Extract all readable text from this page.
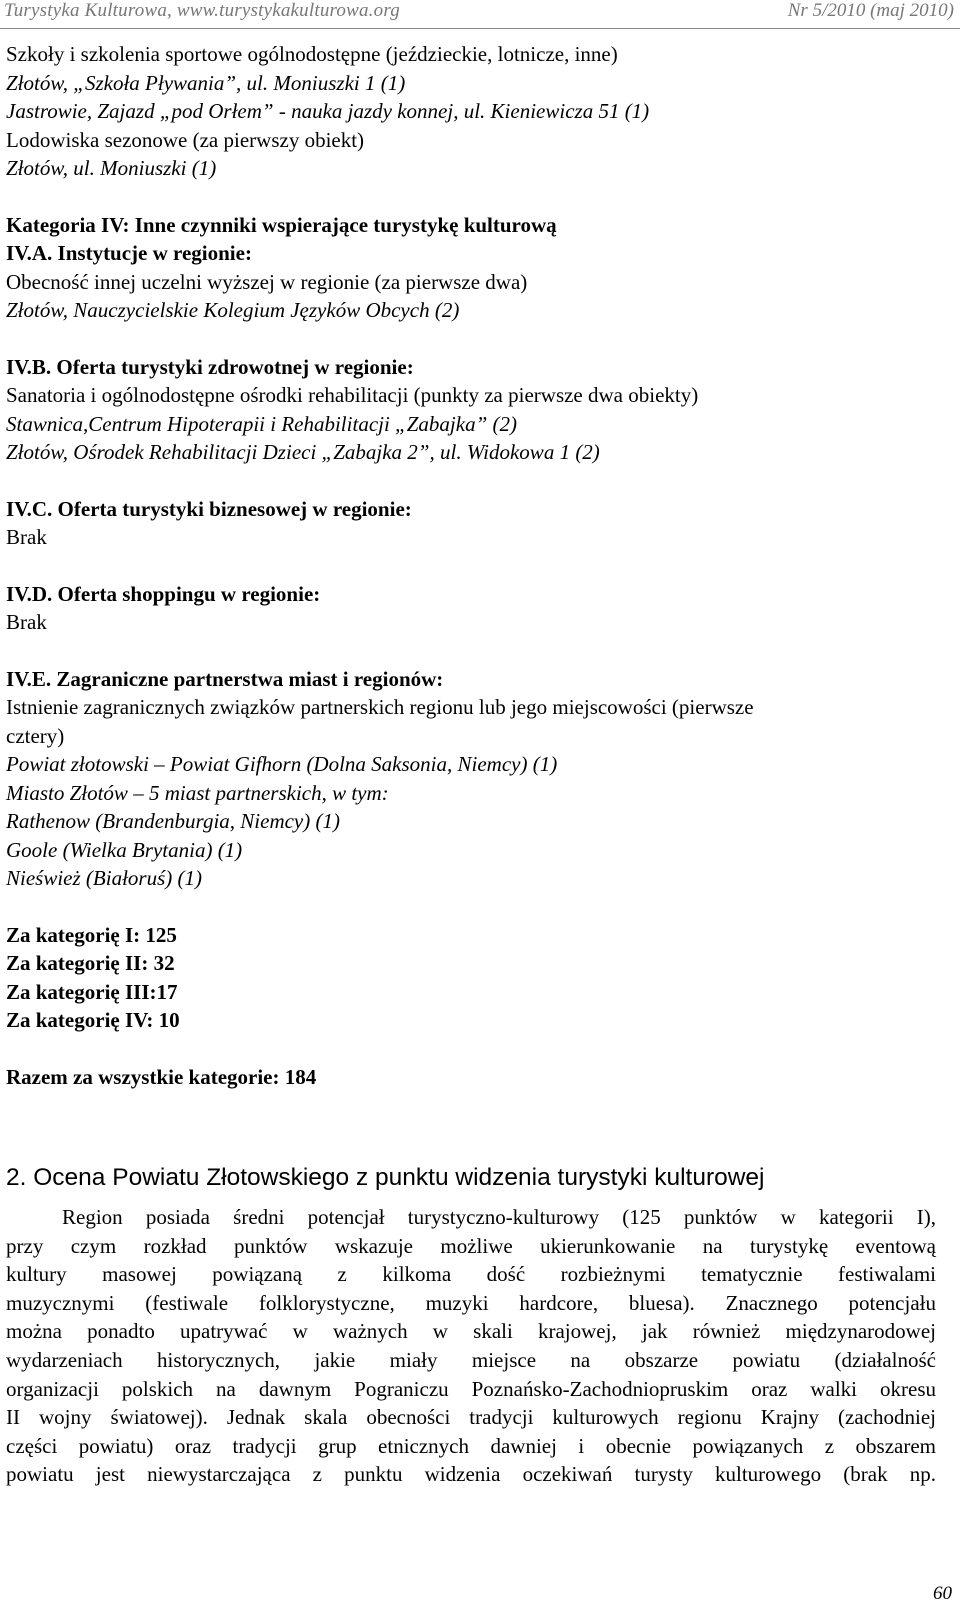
Turystyka Kulturowa, www.turystykakulturowa.org	Nr 5/2010 (maj 2010)
Szkoły i szkolenia sportowe ogólnodostępne (jeździeckie, lotnicze, inne)
Złotów, „Szkoła Pływania”, ul. Moniuszki 1 (1)
Jastrowie, Zajazd „pod Orłem” - nauka jazdy konnej, ul. Kieniewicza 51 (1)
Lodowiska sezonowe (za pierwszy obiekt)
Złotów, ul. Moniuszki (1)
Kategoria IV: Inne czynniki wspierające turystykę kulturową
IV.A. Instytucje w regionie:
Obecność innej uczelni wyższej w regionie (za pierwsze dwa)
Złotów, Nauczycielskie Kolegium Języków Obcych (2)
IV.B. Oferta turystyki zdrowotnej w regionie:
Sanatoria i ogólnodostępne ośrodki rehabilitacji (punkty za pierwsze dwa obiekty)
Stawnica,Centrum Hipoterapii i Rehabilitacji „Zabajka” (2)
Złotów, Ośrodek Rehabilitacji Dzieci „Zabajka 2”, ul. Widokowa 1 (2)
IV.C. Oferta turystyki biznesowej w regionie:
Brak
IV.D. Oferta shoppingu w regionie:
Brak
IV.E. Zagraniczne partnerstwa miast i regionów:
Istnienie zagranicznych związków partnerskich regionu lub jego miejscowości (pierwsze
cztery)
Powiat złotowski – Powiat Gifhorn (Dolna Saksonia, Niemcy) (1)
Miasto Złotów – 5 miast partnerskich, w tym:
Rathenow (Brandenburgia, Niemcy) (1)
Goole (Wielka Brytania) (1)
Nieśwież (Białoruś) (1)
Za kategorię I: 125
Za kategorię II: 32
Za kategorię III:17
Za kategorię IV: 10
Razem za wszystkie kategorie: 184
2. Ocena Powiatu Złotowskiego z punktu widzenia turystyki kulturowej
Region posiada średni potencjał turystyczno-kulturowy (125 punktów w kategorii I),
przy czym rozkład punktów wskazuje możliwe ukierunkowanie na turystykę eventową
kultury masowej powiązaną z kilkoma dość rozbieżnymi tematycznie festiwalami
muzycznymi (festiwale folklorystyczne, muzyki hardcore, bluesa). Znacznego potencjału
można ponadto upatrywać w ważnych w skali krajowej, jak również międzynarodowej
wydarzeniach historycznych, jakie miały miejsce na obszarze powiatu (działalność
organizacji polskich na dawnym Pograniczu Poznańsko-Zachodniopruskim oraz walki okresu
II wojny światowej). Jednak skala obecności tradycji kulturowych regionu Krajny (zachodniej
części powiatu) oraz tradycji grup etnicznych dawniej i obecnie powiązanych z obszarem
powiatu jest niewystarczająca z punktu widzenia oczekiwań turysty kulturowego (brak np.
60
